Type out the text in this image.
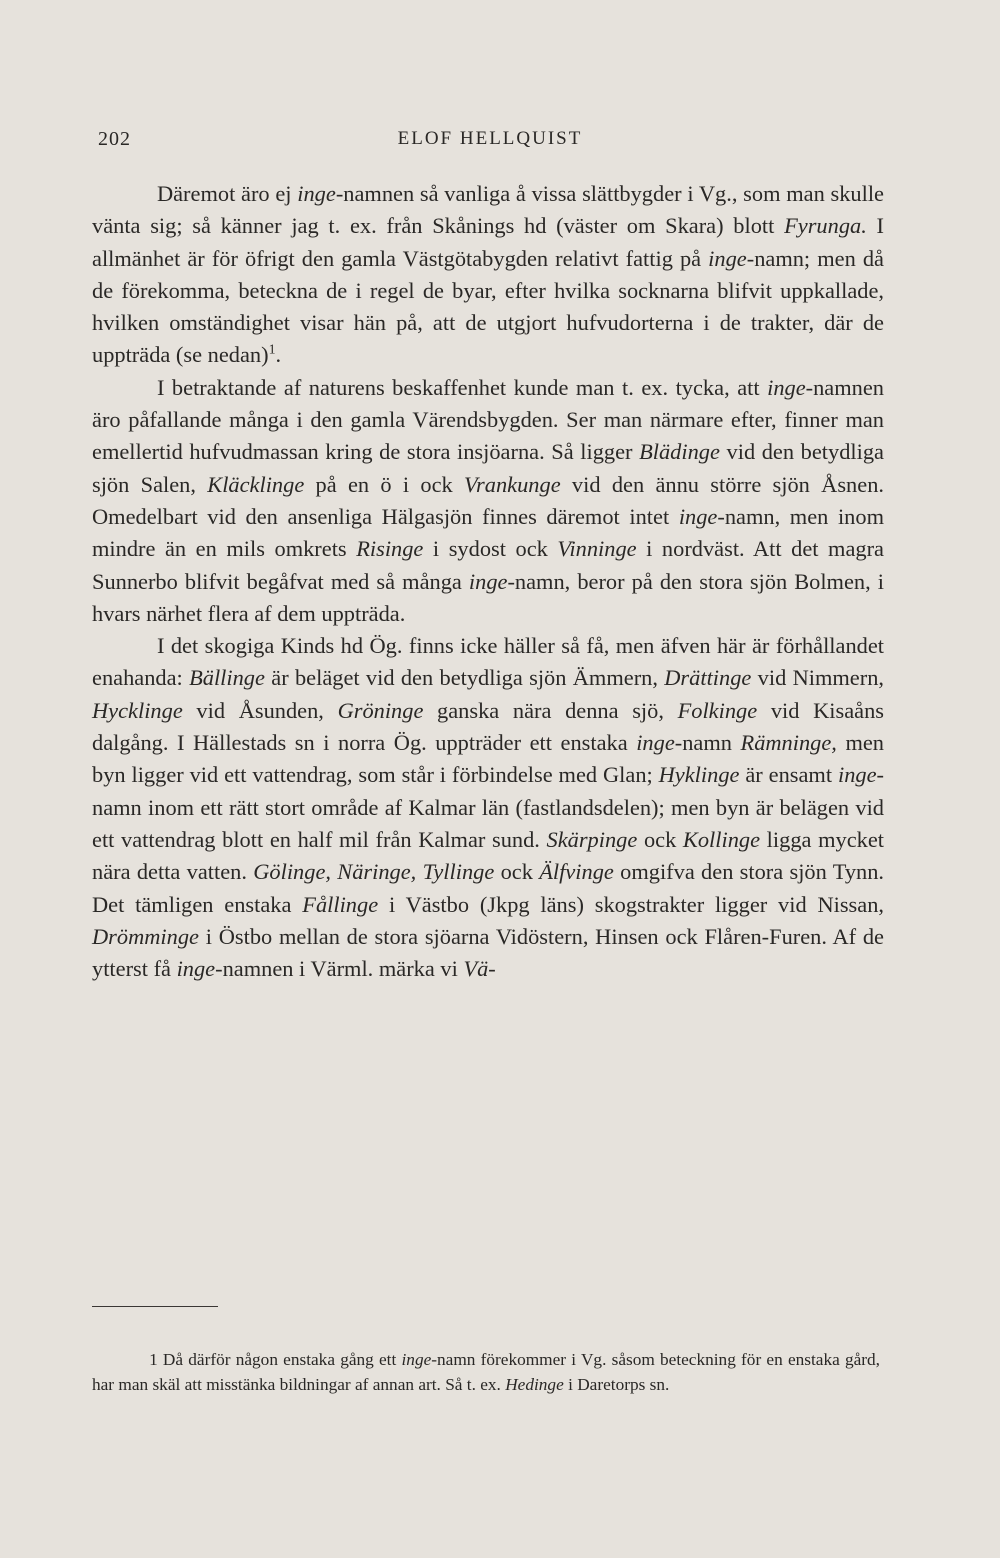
202	ELOF HELLQUIST

Däremot äro ej inge-namnen så vanliga å vissa slättbygder i Vg., som man skulle vänta sig; så känner jag t. ex. från Skånings hd (väster om Skara) blott Fyrunga. I allmänhet är för öfrigt den gamla Västgötabygden relativt fattig på inge-namn; men då de förekomma, beteckna de i regel de byar, efter hvilka socknarna blifvit uppkallade, hvilken omständighet visar hän på, att de utgjort hufvudorterna i de trakter, där de uppträda (se nedan)$^1$.

I betraktande af naturens beskaffenhet kunde man t. ex. tycka, att inge-namnen äro påfallande många i den gamla Värendsbygden. Ser man närmare efter, finner man emellertid hufvudmassan kring de stora insjöarna. Så ligger Blädinge vid den betydliga sjön Salen, Kläcklinge på en ö i ock Vrankunge vid den ännu större sjön Åsnen. Omedelbart vid den ansenliga Hälgasjön finnes däremot intet inge-namn, men inom mindre än en mils omkrets Risinge i sydost ock Vinninge i nordväst. Att det magra Sunnerbo blifvit begåfvat med så många inge-namn, beror på den stora sjön Bolmen, i hvars närhet flera af dem uppträda.

I det skogiga Kinds hd Ög. finns icke häller så få, men äfven här är förhållandet enahanda: Bällinge är beläget vid den betydliga sjön Ämmern, Drättinge vid Nimmern, Hycklinge vid Åsunden, Gröninge ganska nära denna sjö, Folkinge vid Kisaåns dalgång. I Hällestads sn i norra Ög. uppträder ett enstaka inge-namn Rämninge, men byn ligger vid ett vattendrag, som står i förbindelse med Glan; Hyklinge är ensamt inge-namn inom ett rätt stort område af Kalmar län (fastlandsdelen); men byn är belägen vid ett vattendrag blott en half mil från Kalmar sund. Skärpinge ock Kollinge ligga mycket nära detta vatten. Gölinge, Näringe, Tyllinge ock Älfvinge omgifva den stora sjön Tynn. Det tämligen enstaka Fållinge i Västbo (Jkpg läns) skogstrakter ligger vid Nissan, Drömminge i Östbo mellan de stora sjöarna Vidöstern, Hinsen ock Flåren-Furen. Af de ytterst få inge-namnen i Värml. märka vi Vä-

1 Då därför någon enstaka gång ett inge-namn förekommer i Vg. såsom beteckning för en enstaka gård, har man skäl att misstänka bildningar af annan art. Så t. ex. Hedinge i Daretorps sn.
